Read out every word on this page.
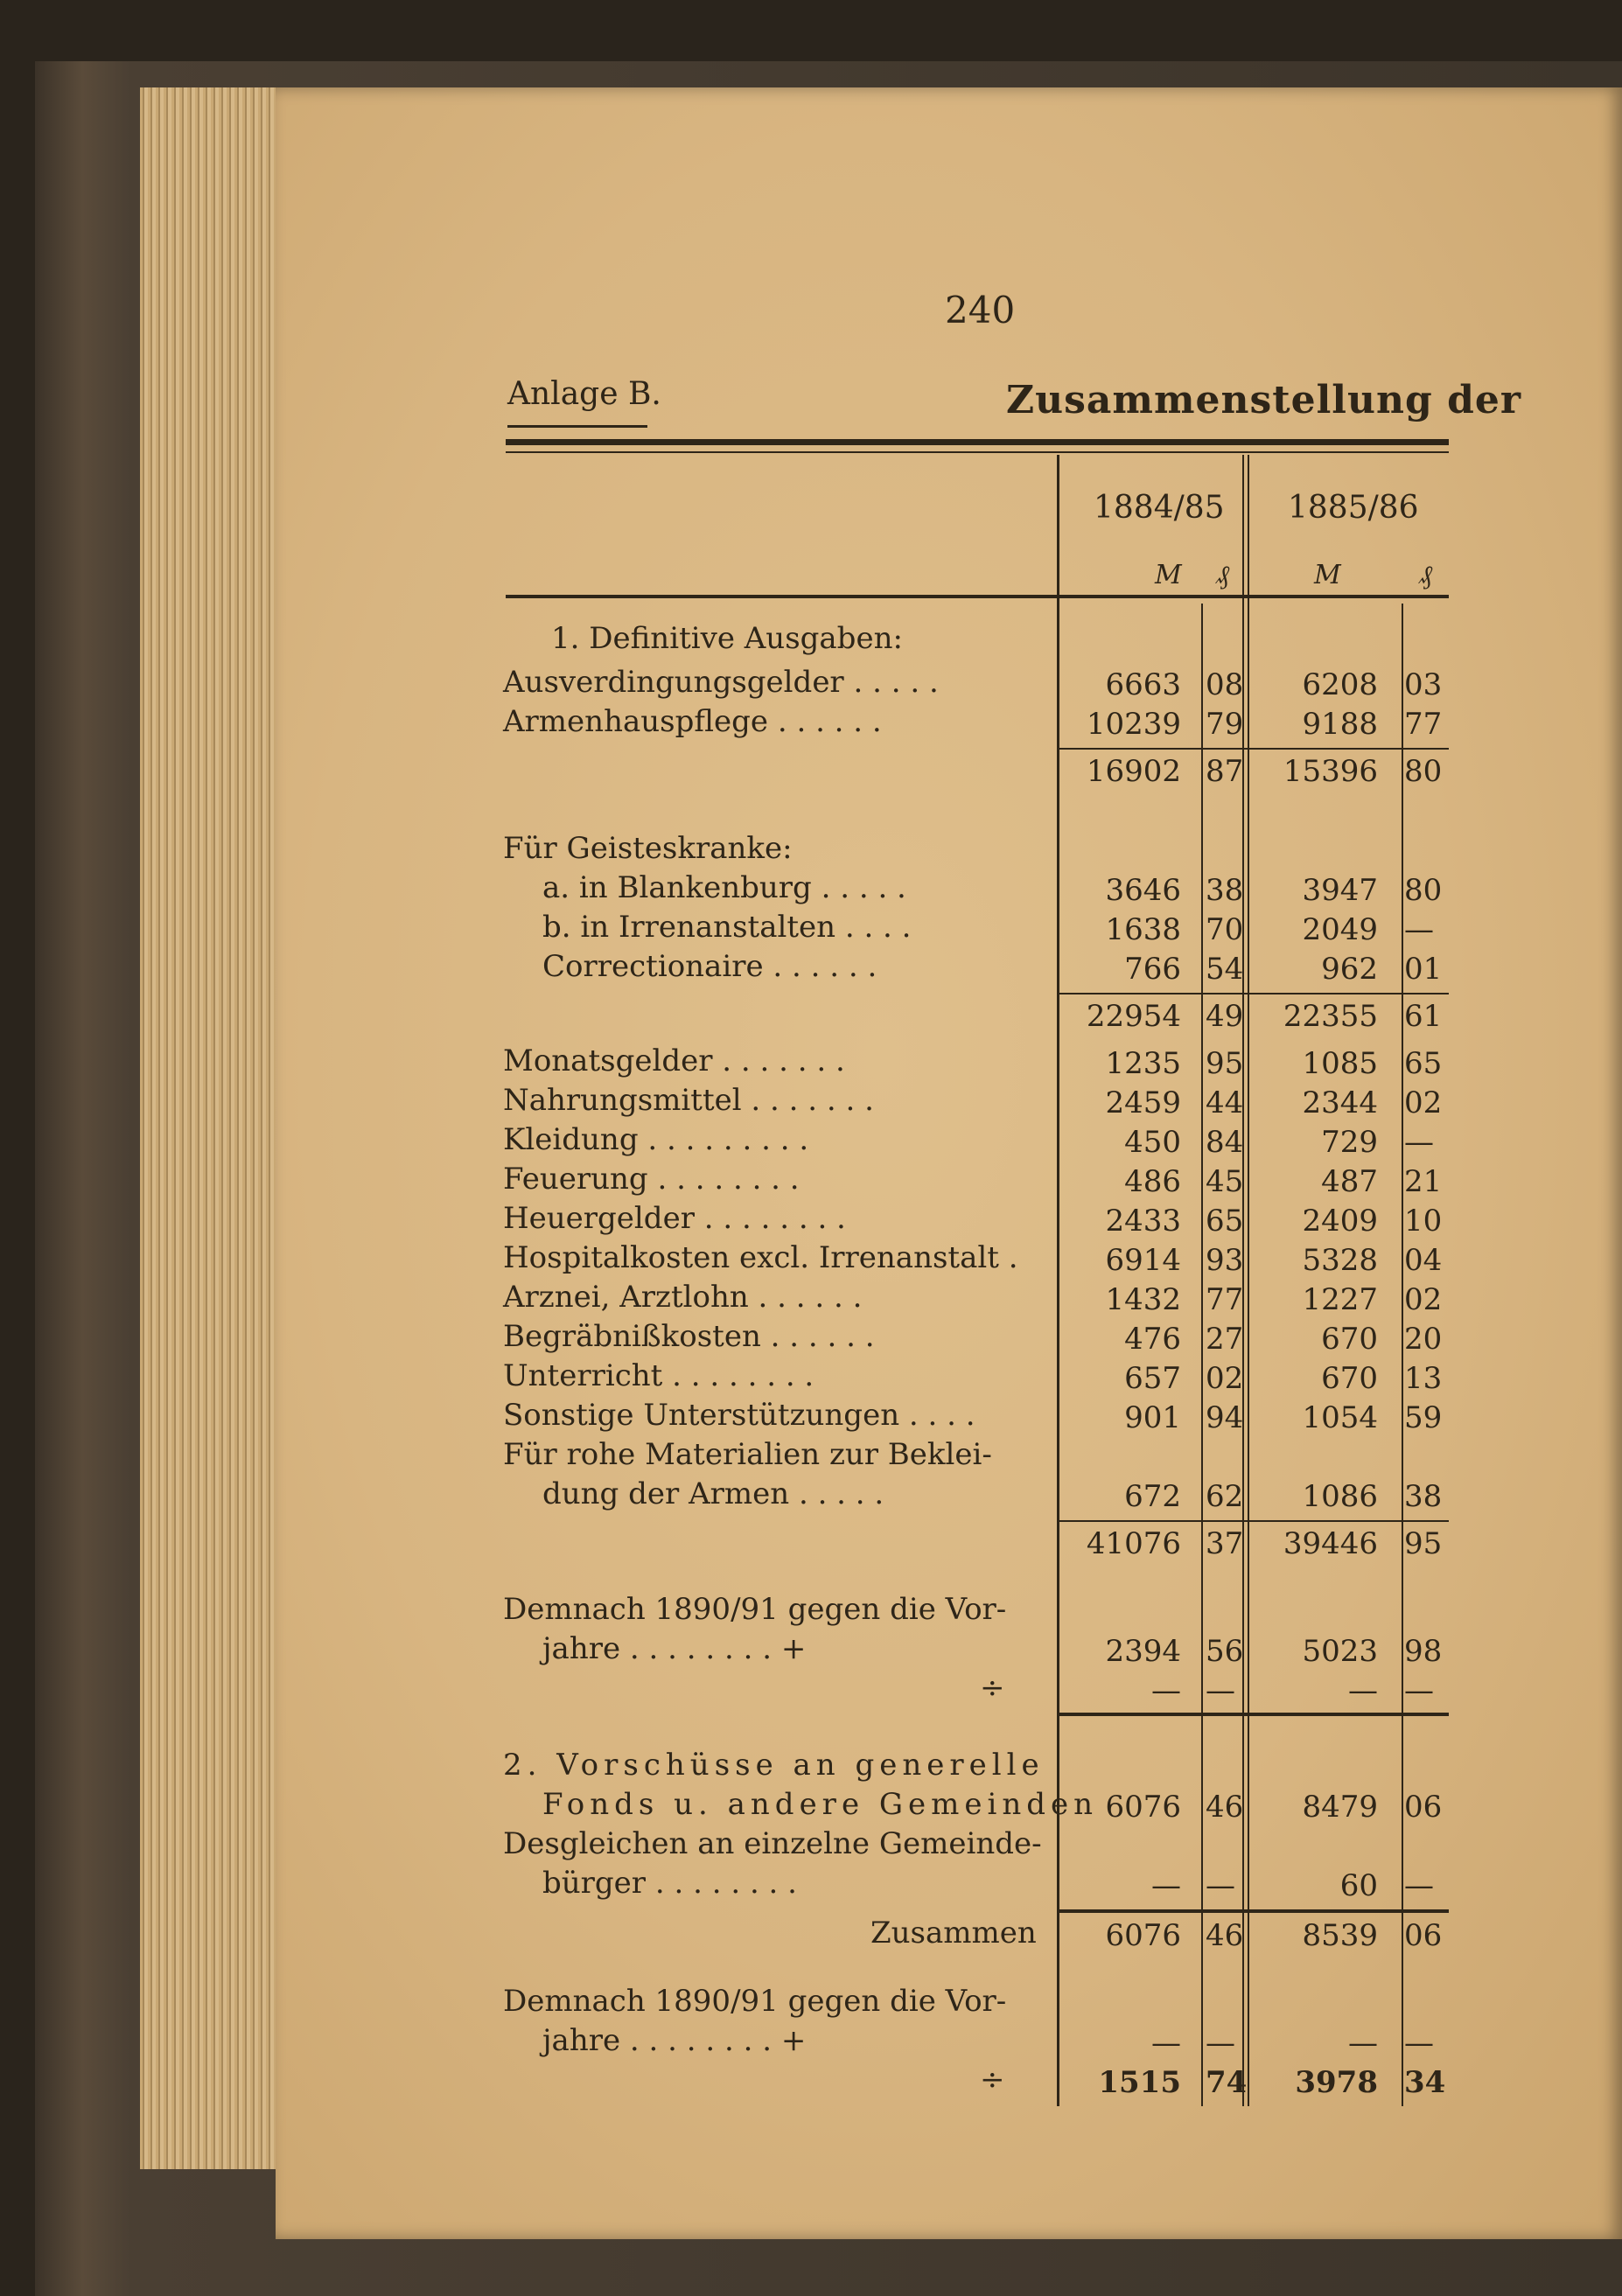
240
Anlage B.	Zusammenstellung der
1884/85 1885/86
M ₰	M	₰
1. Definitive Ausgaben:
Ausverdingungsgelder . . . . .	6663 08	6208 03
Armenhauspflege . . . . . .	10239 79	9188 77
16902 87	15396 80
Für Geisteskranke:
a. in Blankenburg . . . . .	3646 38	3947 80
b. in Irrenanstalten . . . .	1638 70	2049 —
Correctionaire . . . . . .	766 54	962 01
22954 49	22355 61
Monatsgelder . . . . . . .	1235 95	1085 65
Nahrungsmittel . . . . . . .	2459 44	2344 02
Kleidung . . . . . . . . .	450 84	729 —
Feuerung . . . . . . . .	486 45	487 21
Heuergelder . . . . . . . .	2433 65	2409 10
Hospitalkosten excl. Irrenanstalt .	6914 93	5328 04
Arznei, Arztlohn . . . . . .	1432 77	1227 02
Begräbnißkosten . . . . . .	476 27	670 20
Unterricht . . . . . . . .	657 02	670 13
Sonstige Unterstützungen . . . .	901 94	1054 59
Für rohe Materialien zur Beklei-
dung der Armen . . . . .	672 62	1086 38
41076 37	39446 95
Demnach 1890/91 gegen die Vor-
jahre . . . . . . . . +	2394 56	5023 98
÷	— —	— —
2. Vorschüsse an generelle
Fonds u. andere Gemeinden 6076 46	8479 06
Desgleichen an einzelne Gemeinde-
bürger . . . . . . . .	— —	60 —
Zusammen	6076 46	8539 06
Demnach 1890/91 gegen die Vor-
jahre . . . . . . . . +	— —	— —
÷	1515 74	3978 34
